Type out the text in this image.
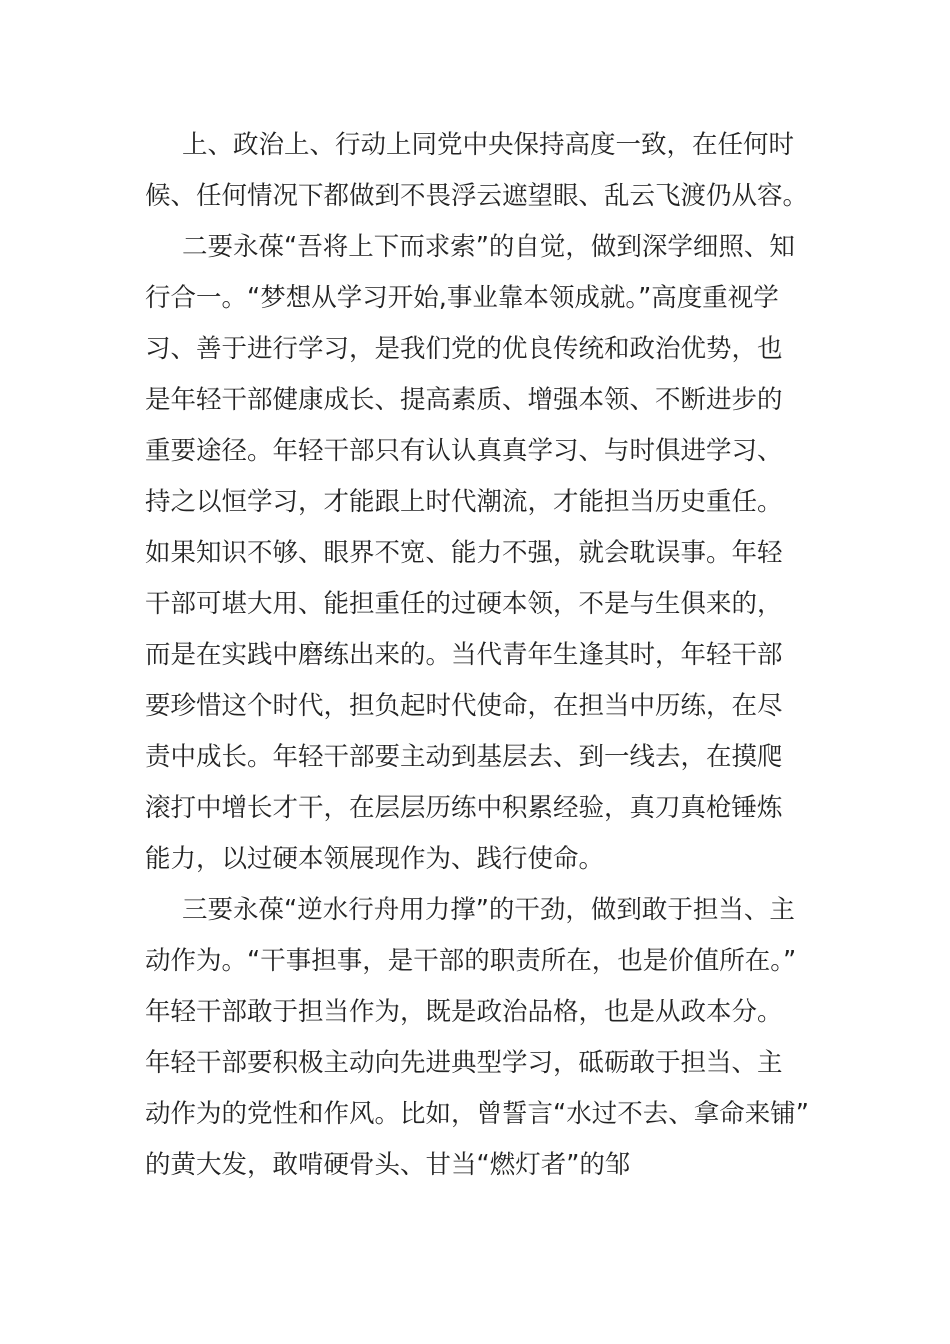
上、政治上、行动上同党中央保持高度一致，在任何时
候、任何情况下都做到不畏浮云遮望眼、乱云飞渡仍从容。
二要永葆“吾将上下而求索”的自觉，做到深学细照、知
行合一。“梦想从学习开始,事业靠本领成就。”高度重视学
习、善于进行学习，是我们党的优良传统和政治优势，也
是年轻干部健康成长、提高素质、增强本领、不断进步的
重要途径。年轻干部只有认认真真学习、与时俱进学习、
持之以恒学习，才能跟上时代潮流，才能担当历史重任。
如果知识不够、眼界不宽、能力不强，就会耽误事。年轻
干部可堪大用、能担重任的过硬本领，不是与生俱来的，
而是在实践中磨练出来的。当代青年生逢其时，年轻干部
要珍惜这个时代，担负起时代使命，在担当中历练，在尽
责中成长。年轻干部要主动到基层去、到一线去，在摸爬
滚打中增长才干，在层层历练中积累经验，真刀真枪锤炼
能力，以过硬本领展现作为、践行使命。
三要永葆“逆水行舟用力撑”的干劲，做到敢于担当、主
动作为。“干事担事，是干部的职责所在，也是价值所在。”
年轻干部敢于担当作为，既是政治品格，也是从政本分。
年轻干部要积极主动向先进典型学习，砥砺敢于担当、主
动作为的党性和作风。比如，曾誓言“水过不去、拿命来铺”
的黄大发，敢啃硬骨头、甘当“燃灯者”的邹
